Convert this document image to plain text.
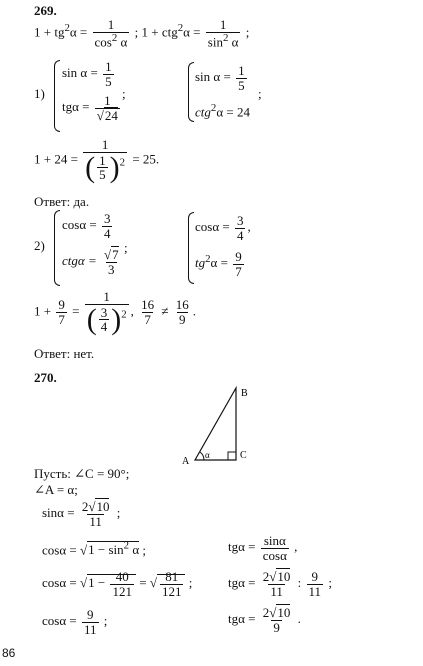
269.
$1 + tg^2\alpha = \frac{1}{\cos^2 \alpha}$ ; $1 + ctg^2\alpha = \frac{1}{\sin^2 \alpha}$ ;
1)
$\sin \alpha = \frac{1}{5}$
$tg\alpha = \frac{1}{√24}$
;
$\sin \alpha = \frac{1}{5}$
ctg$^2$α = 24
;
$1 + 24 = \frac{1}{( \frac{1}{5} )^2} = 25$.
Ответ: да.
2)
$\cos\alpha = \frac{3}{4}$
$ctg\alpha = \frac{√7}{3}$
;
$\cos\alpha = \frac{3}{4}$ ,
$tg^2\alpha = \frac{9}{7}$
$1 + \frac{9}{7} = \frac{1}{( \frac{3}{4} )^2}$ , $\frac{16}{7} \ne \frac{16}{9}$ .
Ответ: нет.
270.
A
B
C
α
Пусть: ∠C = 90°;
∠A = α;
$\sin\alpha = \frac{2√10}{11}$ ;
$\cos\alpha = √1 - \sin^2 \alpha$ ;	$tg\alpha = \frac{\sin\alpha}{\cos\alpha}$ ,
$\cos\alpha = √1 - \frac{40}{121}$ = √ $\frac{81}{121}$ ;	$tg\alpha = \frac{2√10}{11}$ : $\frac{9}{11}$ ;
$\cos\alpha = \frac{9}{11}$ ;	$tg\alpha = \frac{2√10}{9}$ .
86
